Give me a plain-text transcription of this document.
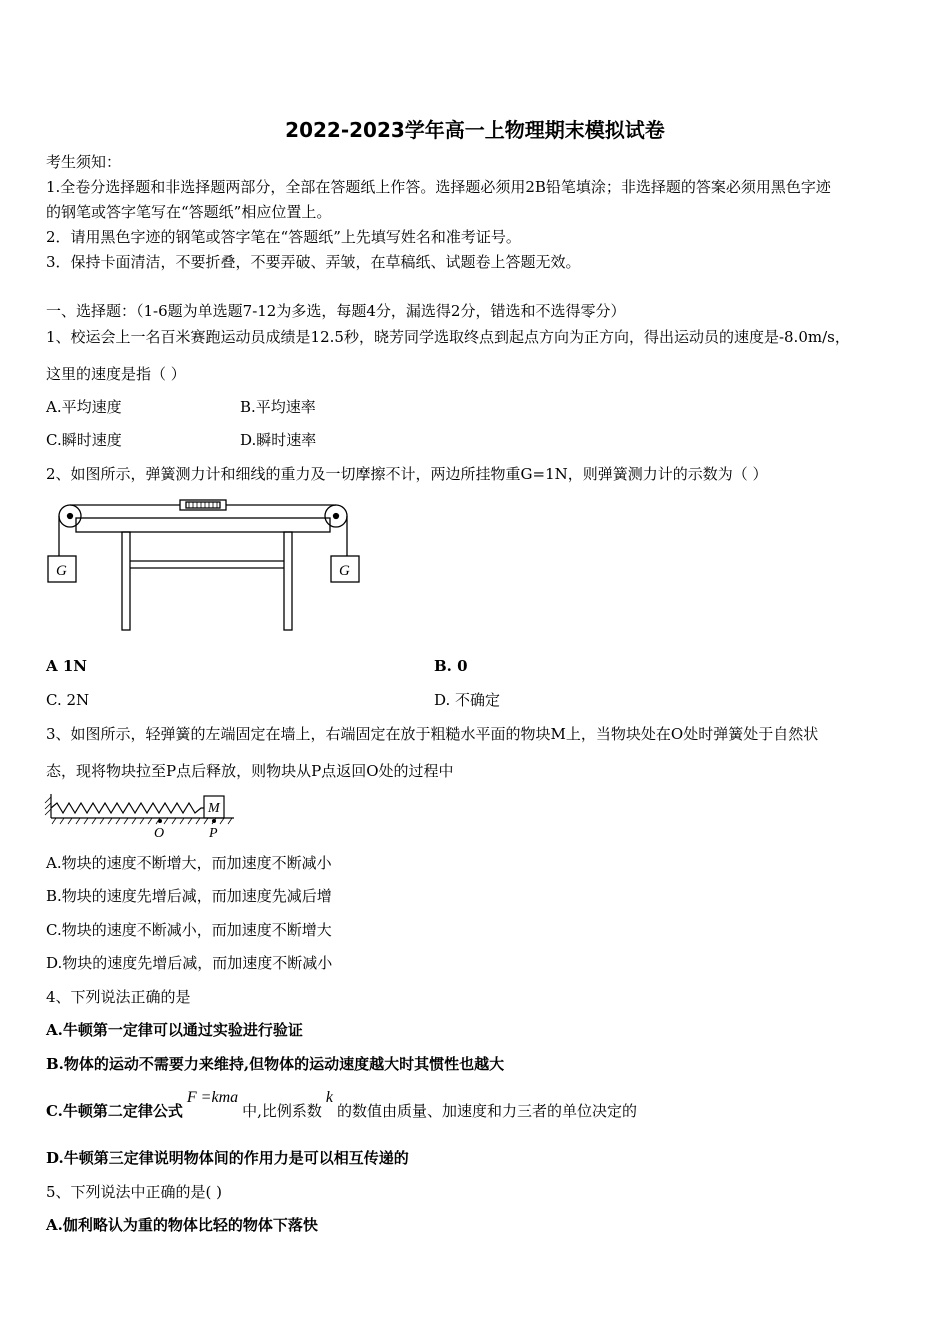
2022-2023学年高一上物理期末模拟试卷
考生须知：
1.全卷分选择题和非选择题两部分，全部在答题纸上作答。选择题必须用2B铅笔填涂；非选择题的答案必须用黑色字迹
的钢笔或答字笔写在“答题纸”相应位置上。
2．请用黑色字迹的钢笔或答字笔在“答题纸”上先填写姓名和准考证号。
3．保持卡面清洁，不要折叠，不要弄破、弄皱，在草稿纸、试题卷上答题无效。
一、选择题：（1-6题为单选题7-12为多选，每题4分，漏选得2分，错选和不选得零分）
1、校运会上一名百米赛跑运动员成绩是12.5秒，晓芳同学选取终点到起点方向为正方向，得出运动员的速度是-8.0m/s，
这里的速度是指（ ）
A.平均速度	B.平均速率
C.瞬时速度	D.瞬时速率
2、如图所示，弹簧测力计和细线的重力及一切摩擦不计，两边所挂物重G=1N，则弹簧测力计的示数为（ ）
G	G
A 1N	B. 0
C. 2N	D. 不确定
3、如图所示，轻弹簧的左端固定在墙上，右端固定在放于粗糙水平面的物块M上，当物块处在O处时弹簧处于自然状
态，现将物块拉至P点后释放，则物块从P点返回O处的过程中
M
O	P
A.物块的速度不断增大，而加速度不断减小
B.物块的速度先增后减，而加速度先减后增
C.物块的速度不断减小，而加速度不断增大
D.物块的速度先增后减，而加速度不断减小
4、下列说法正确的是
A.牛顿第一定律可以通过实验进行验证
B.物体的运动不需要力来维持,但物体的运动速度越大时其惯性也越大
C.牛顿第二定律公式F =kma中,比例系数k的数值由质量、加速度和力三者的单位决定的
D.牛顿第三定律说明物体间的作用力是可以相互传递的
5、下列说法中正确的是( )
A.伽利略认为重的物体比轻的物体下落快
